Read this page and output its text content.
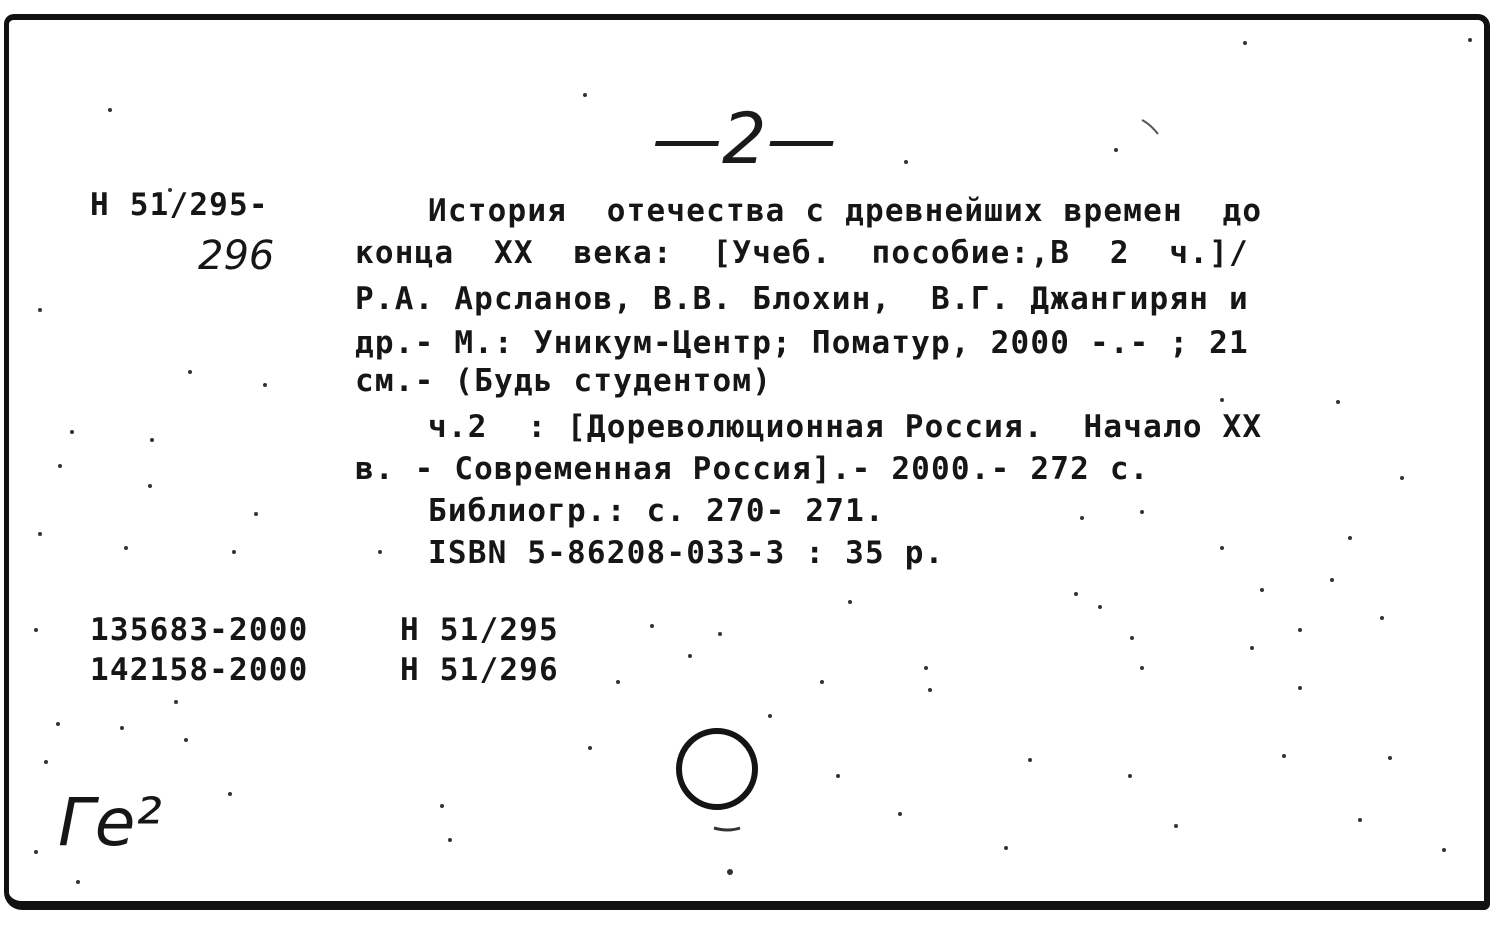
—2—
Н 51/295-
296
История  отечества с древнейших времен  до
конца  XX  века:  [Учеб.  пособие:,В  2  ч.]/
Р.А. Арсланов, В.В. Блохин,  В.Г. Джангирян и
др.- М.: Уникум-Центр; Поматур, 2000 -.- ; 21
см.- (Будь студентом)
ч.2  : [Дореволюционная Россия.  Начало XX
в. - Современная Россия].- 2000.- 272 с.
Библиогр.: с. 270- 271.
ISBN 5-86208-033-3 : 35 р.
135683-2000	Н 51/295
142158-2000	Н 51/296
Ге²
